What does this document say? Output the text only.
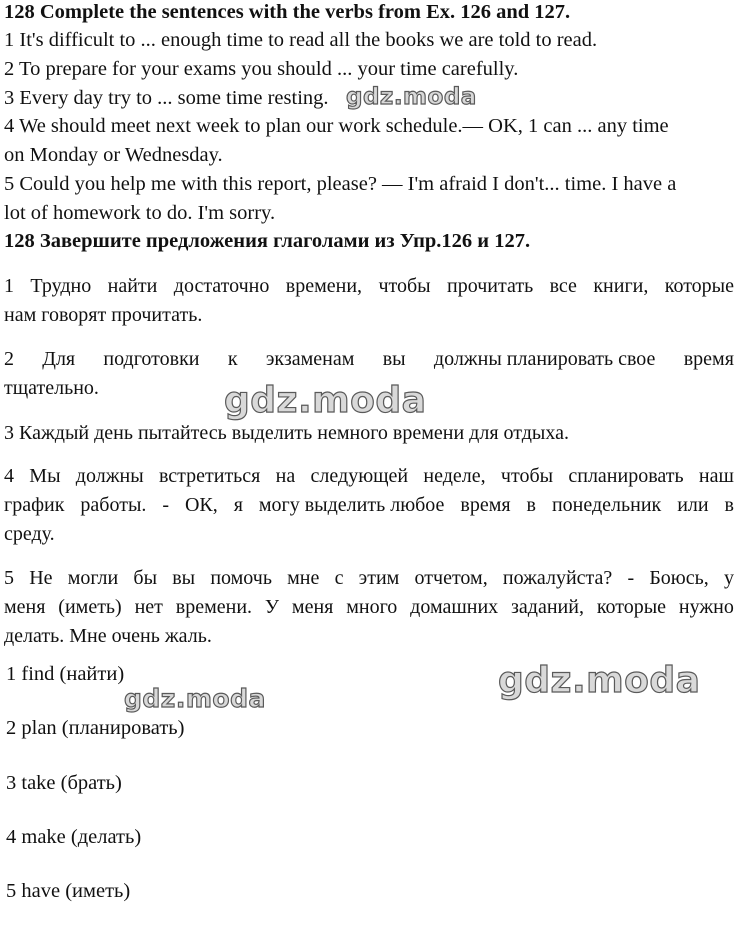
128 Complete the sentences with the verbs from Ex. 126 and 127.
1 It's difficult to ... enough time to read all the books we are told to read.
2 To prepare for your exams you should ... your time carefully.
3 Every day try to ... some time resting.
4 We should meet next week to plan our work schedule.— OK, 1 can ... any time
on Monday or Wednesday.
5 Could you help me with this report, please? — I'm afraid I don't... time. I have a
lot of homework to do. I'm sorry.
128 Завершите предложения глаголами из Упр.126 и 127.
1 Трудно найти достаточно времени, чтобы прочитать все книги, которые
нам говорят прочитать.
2 Для подготовки к экзаменам вы должны планировать свое время
тщательно.
3 Каждый день пытайтесь выделить немного времени для отдыха.
4 Мы должны встретиться на следующей неделе, чтобы спланировать наш
график работы. - ОК, я могу выделить любое время в понедельник или в
среду.
5 Не могли бы вы помочь мне с этим отчетом, пожалуйста? - Боюсь, у
меня (иметь) нет времени. У меня много домашних заданий, которые нужно
делать. Мне очень жаль.
1 find (найти)
2 plan (планировать)
3 take (брать)
4 make (делать)
5 have (иметь)
gdz.moda
gdz.moda
gdz.moda
gdz.moda
